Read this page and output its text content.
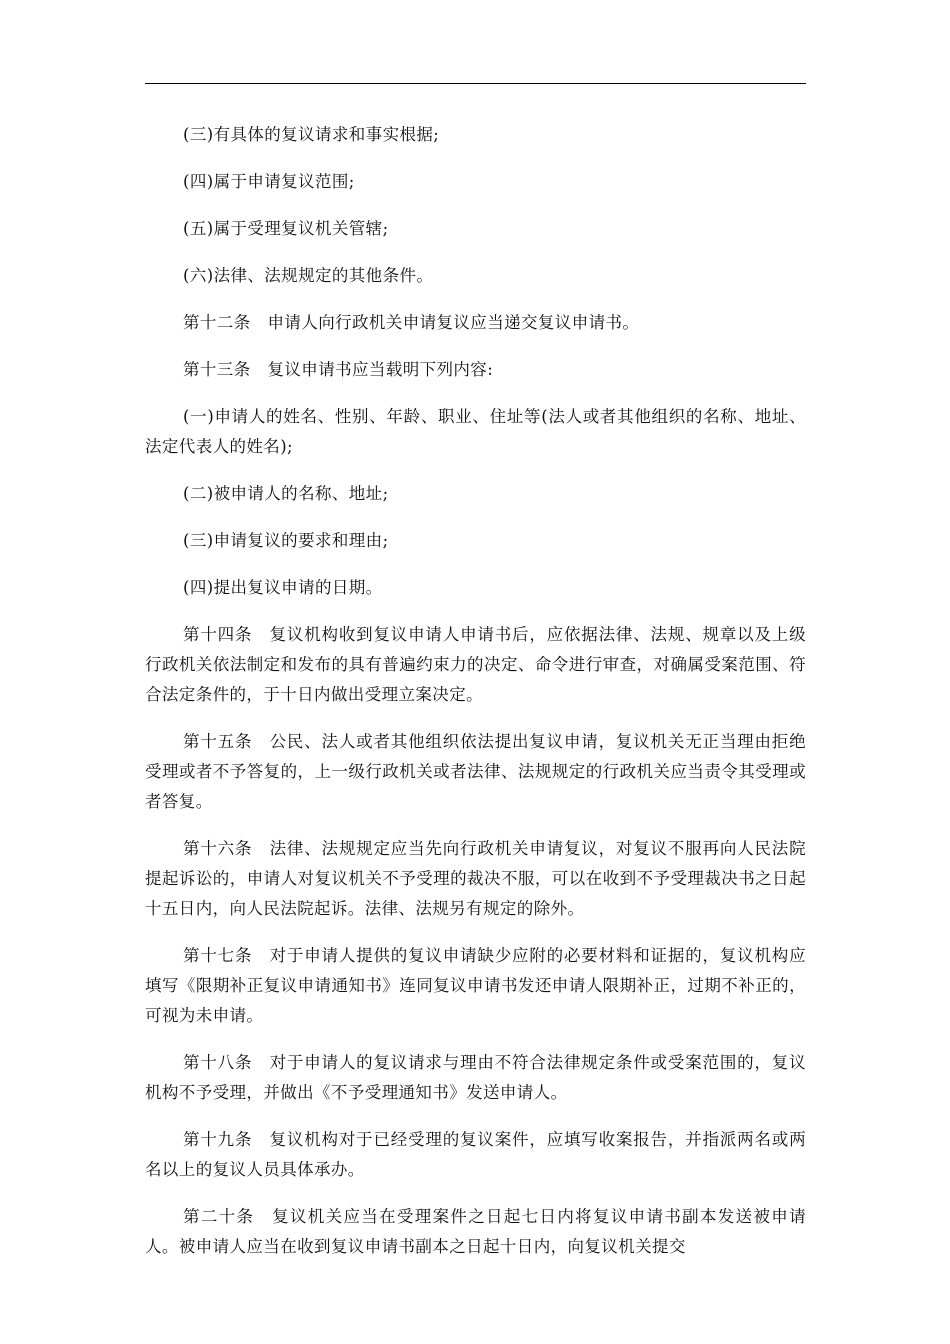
(三)有具体的复议请求和事实根据;

(四)属于申请复议范围;

(五)属于受理复议机关管辖;

(六)法律、法规规定的其他条件。

第十二条　申请人向行政机关申请复议应当递交复议申请书。

第十三条　复议申请书应当载明下列内容:

(一)申请人的姓名、性别、年龄、职业、住址等(法人或者其他组织的名称、地址、法定代表人的姓名);

(二)被申请人的名称、地址;

(三)申请复议的要求和理由;

(四)提出复议申请的日期。

第十四条　复议机构收到复议申请人申请书后，应依据法律、法规、规章以及上级行政机关依法制定和发布的具有普遍约束力的决定、命令进行审查，对确属受案范围、符合法定条件的，于十日内做出受理立案决定。

第十五条　公民、法人或者其他组织依法提出复议申请，复议机关无正当理由拒绝受理或者不予答复的，上一级行政机关或者法律、法规规定的行政机关应当责令其受理或者答复。

第十六条　法律、法规规定应当先向行政机关申请复议，对复议不服再向人民法院提起诉讼的，申请人对复议机关不予受理的裁决不服，可以在收到不予受理裁决书之日起十五日内，向人民法院起诉。法律、法规另有规定的除外。

第十七条　对于申请人提供的复议申请缺少应附的必要材料和证据的，复议机构应填写《限期补正复议申请通知书》连同复议申请书发还申请人限期补正，过期不补正的，可视为未申请。

第十八条　对于申请人的复议请求与理由不符合法律规定条件或受案范围的，复议机构不予受理，并做出《不予受理通知书》发送申请人。

第十九条　复议机构对于已经受理的复议案件，应填写收案报告，并指派两名或两名以上的复议人员具体承办。

第二十条　复议机关应当在受理案件之日起七日内将复议申请书副本发送被申请人。被申请人应当在收到复议申请书副本之日起十日内，向复议机关提交
